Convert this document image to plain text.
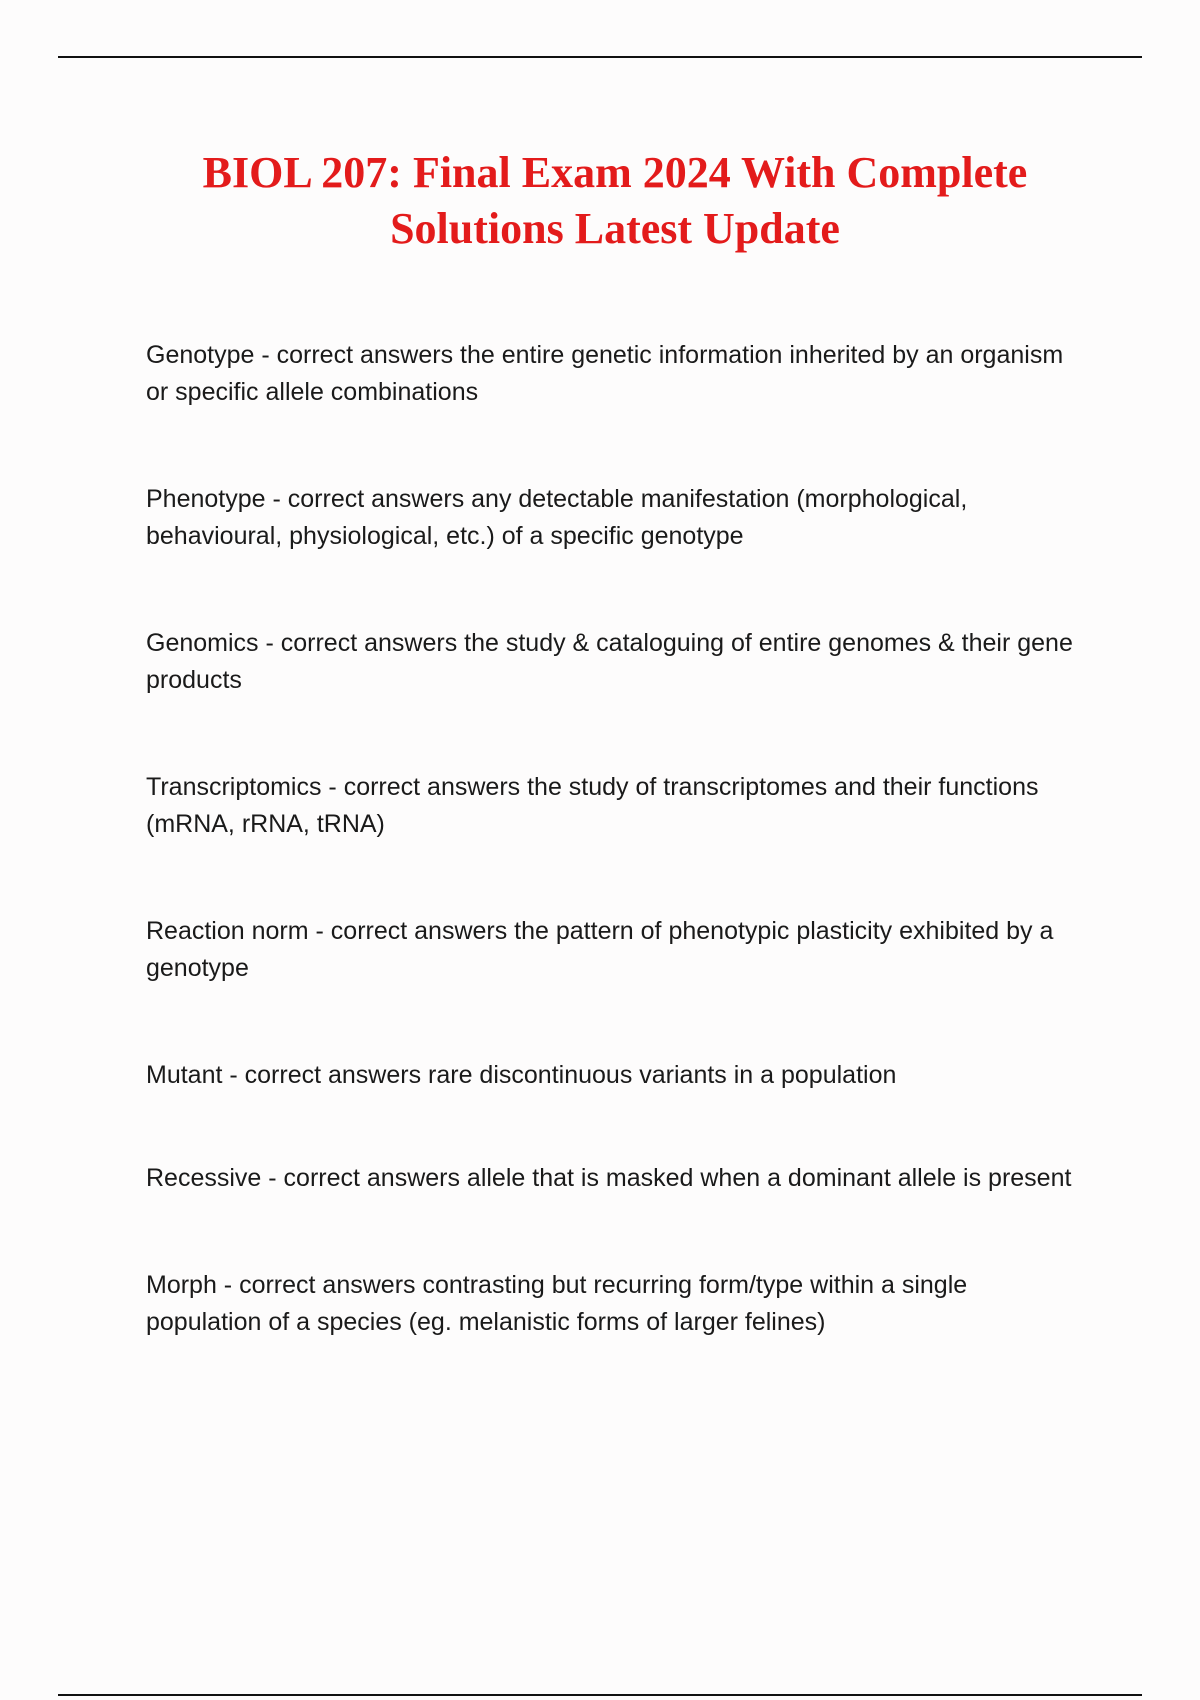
BIOL 207: Final Exam 2024 With Complete Solutions Latest Update

Genotype - correct answers the entire genetic information inherited by an organism or specific allele combinations

Phenotype - correct answers any detectable manifestation (morphological, behavioural, physiological, etc.) of a specific genotype

Genomics - correct answers the study & cataloguing of entire genomes & their gene products

Transcriptomics - correct answers the study of transcriptomes and their functions (mRNA, rRNA, tRNA)

Reaction norm - correct answers the pattern of phenotypic plasticity exhibited by a genotype

Mutant - correct answers rare discontinuous variants in a population

Recessive - correct answers allele that is masked when a dominant allele is present

Morph - correct answers contrasting but recurring form/type within a single population of a species (eg. melanistic forms of larger felines)
